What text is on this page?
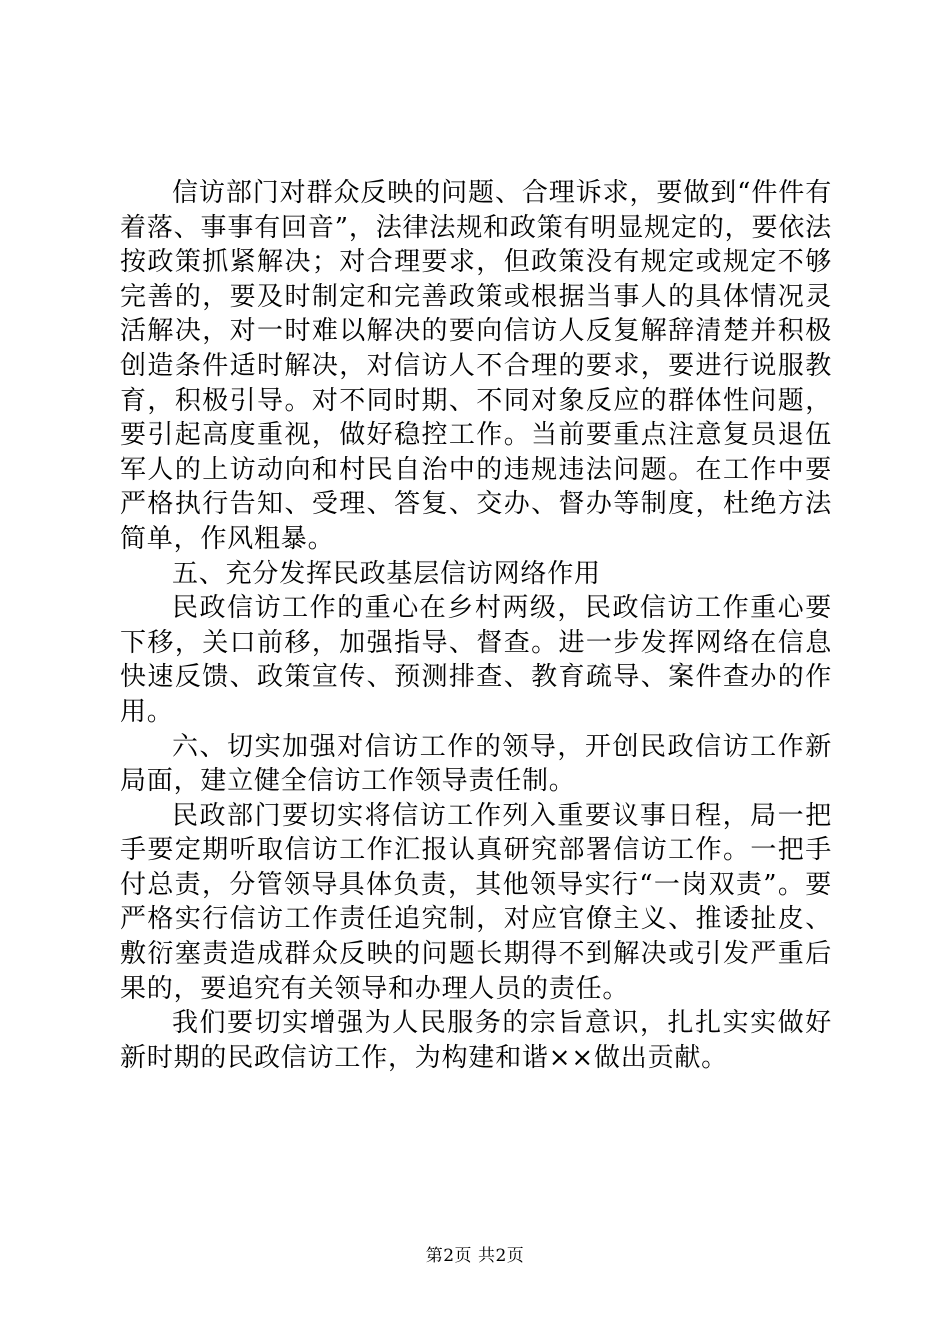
信访部门对群众反映的问题、合理诉求，要做到“件件有着落、事事有回音”，法律法规和政策有明显规定的，要依法按政策抓紧解决；对合理要求，但政策没有规定或规定不够完善的，要及时制定和完善政策或根据当事人的具体情况灵活解决，对一时难以解决的要向信访人反复解辞清楚并积极创造条件适时解决，对信访人不合理的要求，要进行说服教育，积极引导。对不同时期、不同对象反应的群体性问题，要引起高度重视，做好稳控工作。当前要重点注意复员退伍军人的上访动向和村民自治中的违规违法问题。在工作中要严格执行告知、受理、答复、交办、督办等制度，杜绝方法简单，作风粗暴。

五、充分发挥民政基层信访网络作用

民政信访工作的重心在乡村两级，民政信访工作重心要下移，关口前移，加强指导、督查。进一步发挥网络在信息快速反馈、政策宣传、预测排查、教育疏导、案件查办的作用。

六、切实加强对信访工作的领导，开创民政信访工作新局面，建立健全信访工作领导责任制。

民政部门要切实将信访工作列入重要议事日程，局一把手要定期听取信访工作汇报认真研究部署信访工作。一把手付总责，分管领导具体负责，其他领导实行“一岗双责”。要严格实行信访工作责任追究制，对应官僚主义、推诿扯皮、敷衍塞责造成群众反映的问题长期得不到解决或引发严重后果的，要追究有关领导和办理人员的责任。

我们要切实增强为人民服务的宗旨意识，扎扎实实做好新时期的民政信访工作，为构建和谐××做出贡献。

第2页 共2页
